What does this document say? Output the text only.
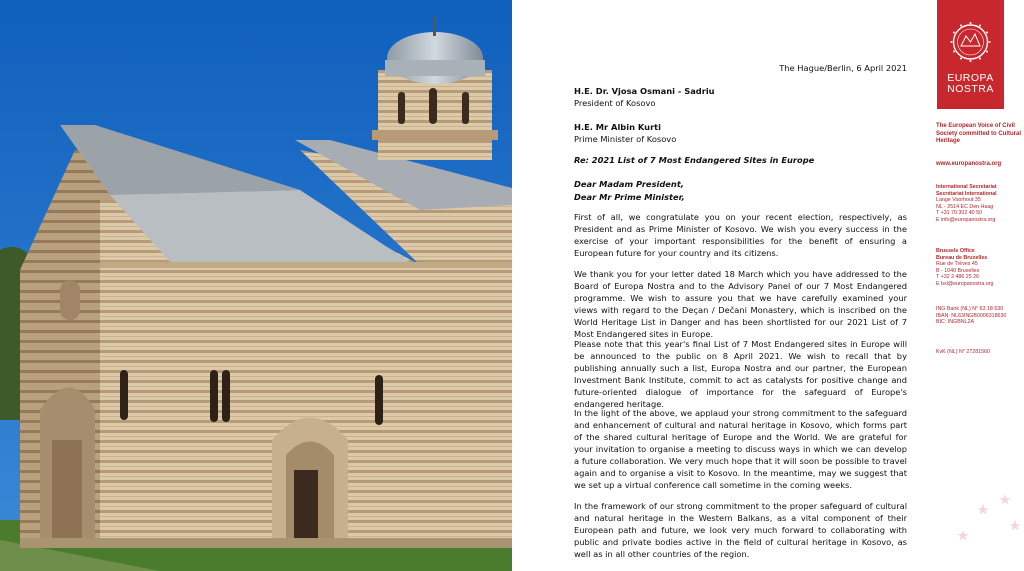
The Hague/Berlin, 6 April 2021
H.E. Dr. Vjosa Osmani - Sadriu
President of Kosovo
H.E. Mr Albin Kurti
Prime Minister of Kosovo
Re: 2021 List of 7 Most Endangered Sites in Europe
Dear Madam President,
Dear Mr Prime Minister,
First of all, we congratulate you on your recent election, respectively, as President and as Prime Minister of Kosovo. We wish you every success in the exercise of your important responsibilities for the benefit of ensuring a European future for your country and its citizens.
We thank you for your letter dated 18 March which you have addressed to the Board of Europa Nostra and to the Advisory Panel of our 7 Most Endangered programme. We wish to assure you that we have carefully examined your views with regard to the Deçan / Dečani Monastery, which is inscribed on the World Heritage List in Danger and has been shortlisted for our 2021 List of 7 Most Endangered sites in Europe.
Please note that this year's final List of 7 Most Endangered sites in Europe will be announced to the public on 8 April 2021. We wish to recall that by publishing annually such a list, Europa Nostra and our partner, the European Investment Bank Institute, commit to act as catalysts for positive change and future-oriented dialogue of importance for the safeguard of Europe's endangered heritage.
In the light of the above, we applaud your strong commitment to the safeguard and enhancement of cultural and natural heritage in Kosovo, which forms part of the shared cultural heritage of Europe and the World. We are grateful for your invitation to organise a meeting to discuss ways in which we can develop a future collaboration. We very much hope that it will soon be possible to travel again and to organise a visit to Kosovo. In the meantime, may we suggest that we set up a virtual conference call sometime in the coming weeks.
In the framework of our strong commitment to the proper safeguard of cultural and natural heritage in the Western Balkans, as a vital component of their European path and future, we look very much forward to collaborating with public and private bodies active in the field of cultural heritage in Kosovo, as well as in all other countries of the region.
EUROPA
NOSTRA
The European Voice of Civil Society committed to Cultural Heritage
www.europanostra.org
International Secretariat
Secrétariat International
Lange Voorhout 35
NL - 2514 EC Den Haag
T +31 70 302 40 50
E info@europanostra.org
Brussels Office
Bureau de Bruxelles
Rue de Trèves 45
B - 1040 Bruxelles
T +32 2 486 25 26
E bxl@europanostra.org
ING Bank (NL) N° 63 18 630
IBAN: NL63INGB0006318630
BIC: INGBNL2A
KvK (NL) N° 27281560
